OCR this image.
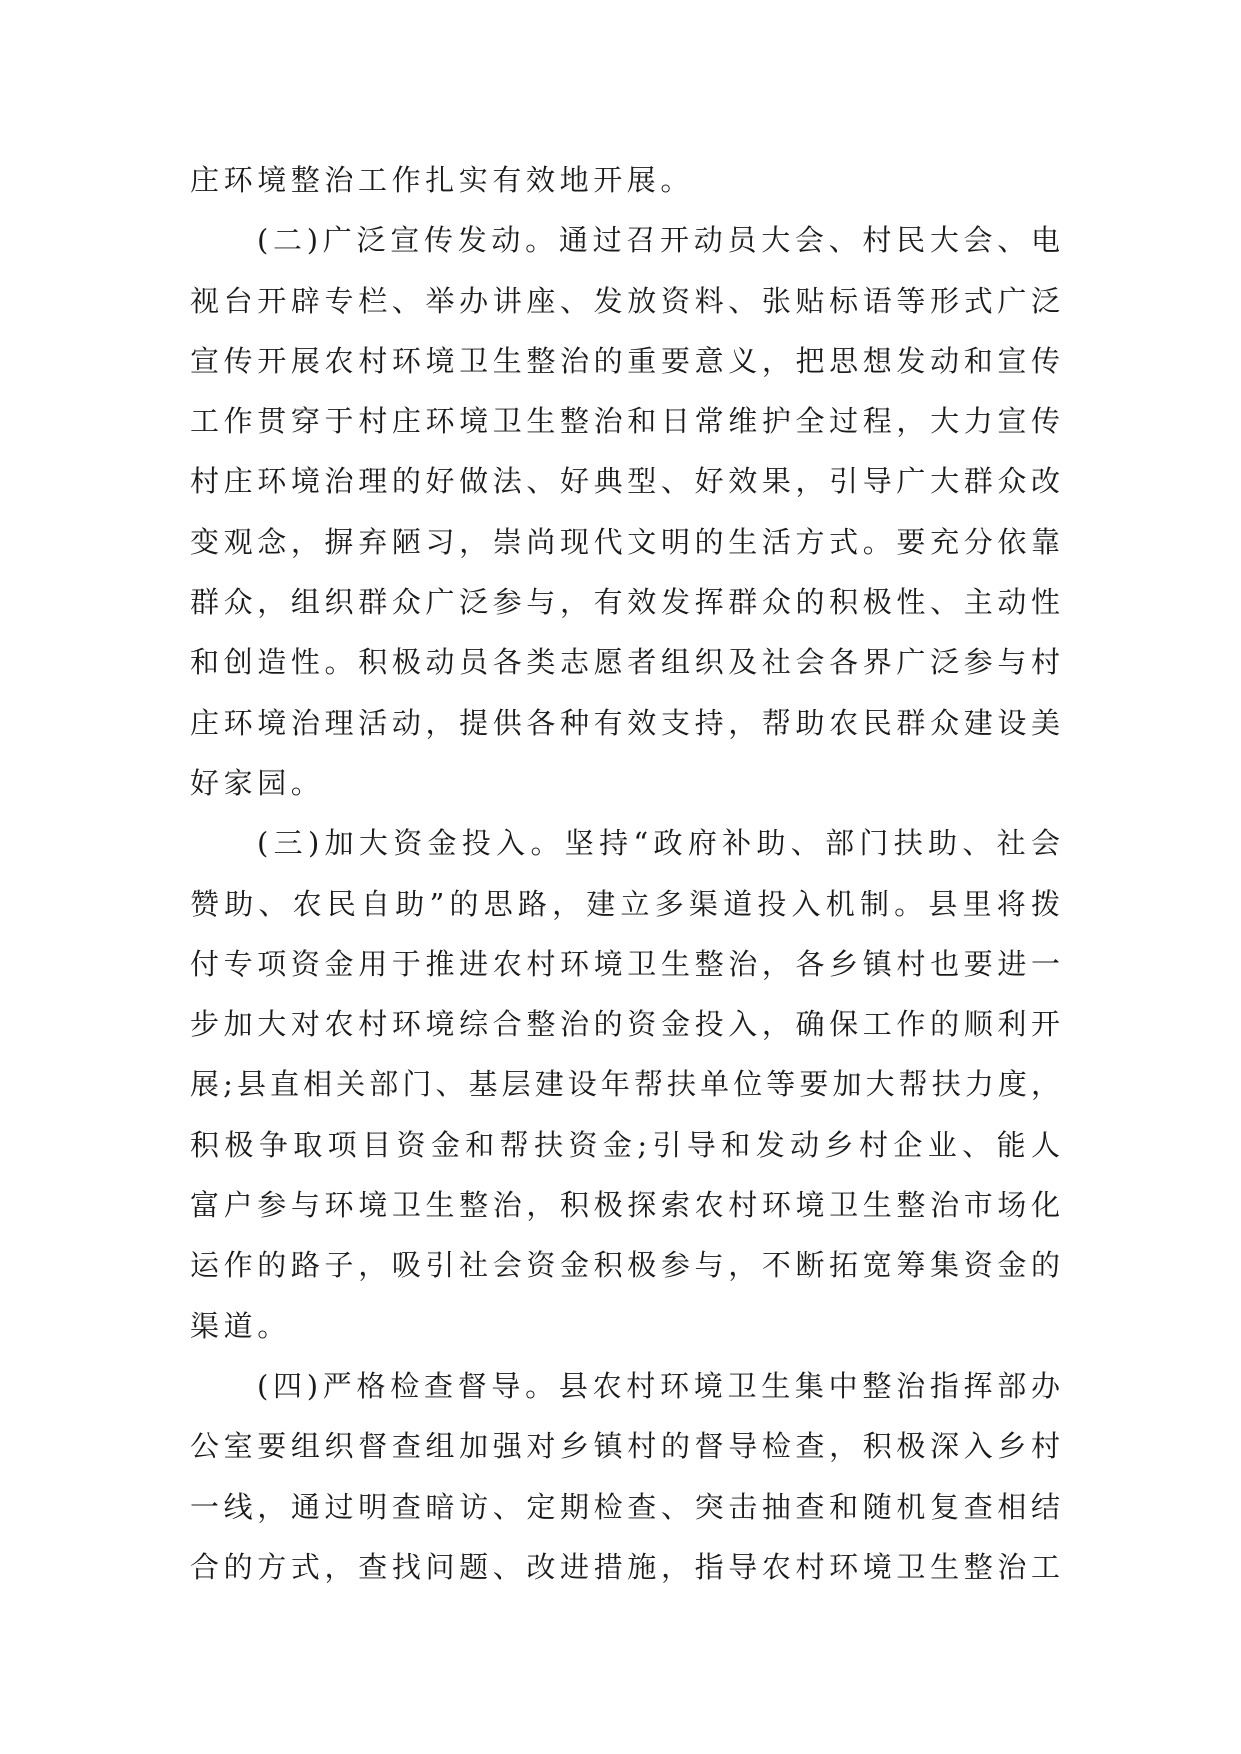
庄环境整治工作扎实有效地开展。
(二)广泛宣传发动。通过召开动员大会、村民大会、电
视台开辟专栏、举办讲座、发放资料、张贴标语等形式广泛
宣传开展农村环境卫生整治的重要意义，把思想发动和宣传
工作贯穿于村庄环境卫生整治和日常维护全过程，大力宣传
村庄环境治理的好做法、好典型、好效果，引导广大群众改
变观念，摒弃陋习，崇尚现代文明的生活方式。要充分依靠
群众，组织群众广泛参与，有效发挥群众的积极性、主动性
和创造性。积极动员各类志愿者组织及社会各界广泛参与村
庄环境治理活动，提供各种有效支持，帮助农民群众建设美
好家园。
(三)加大资金投入。坚持“政府补助、部门扶助、社会
赞助、农民自助”的思路，建立多渠道投入机制。县里将拨
付专项资金用于推进农村环境卫生整治，各乡镇村也要进一
步加大对农村环境综合整治的资金投入，确保工作的顺利开
展;县直相关部门、基层建设年帮扶单位等要加大帮扶力度，
积极争取项目资金和帮扶资金;引导和发动乡村企业、能人
富户参与环境卫生整治，积极探索农村环境卫生整治市场化
运作的路子，吸引社会资金积极参与，不断拓宽筹集资金的
渠道。
(四)严格检查督导。县农村环境卫生集中整治指挥部办
公室要组织督查组加强对乡镇村的督导检查，积极深入乡村
一线，通过明查暗访、定期检查、突击抽查和随机复查相结
合的方式，查找问题、改进措施，指导农村环境卫生整治工
